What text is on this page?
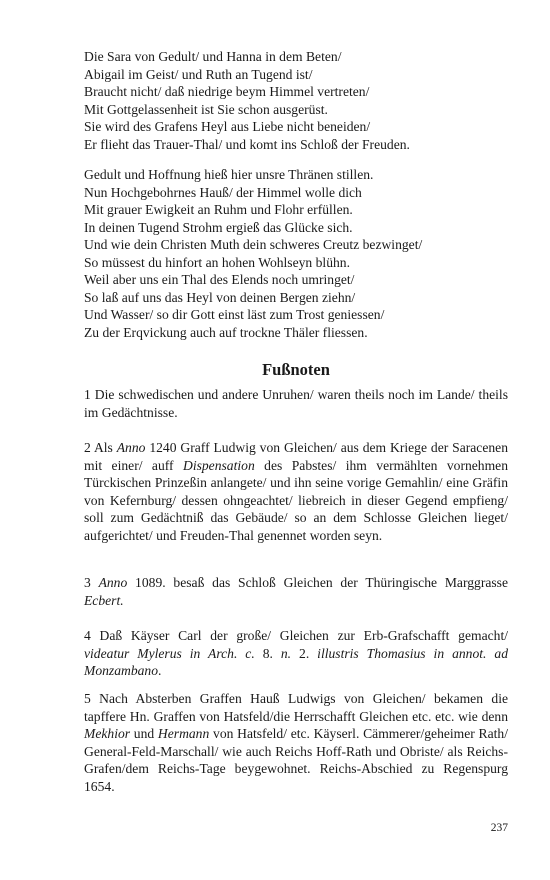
Die Sara von Gedult/ und Hanna in dem Beten/
Abigail im Geist/ und Ruth an Tugend ist/
Braucht nicht/ daß niedrige beym Himmel vertreten/
Mit Gottgelassenheit ist Sie schon ausgerüst.
Sie wird des Grafens Heyl aus Liebe nicht beneiden/
Er flieht das Trauer-Thal/ und komt ins Schloß der Freuden.
Gedult und Hoffnung hieß hier unsre Thränen stillen.
Nun Hochgebohrnes Hauß/ der Himmel wolle dich
Mit grauer Ewigkeit an Ruhm und Flohr erfüllen.
In deinen Tugend Strohm ergieß das Glücke sich.
Und wie dein Christen Muth dein schweres Creutz bezwinget/
So müssest du hinfort an hohen Wohlseyn blühn.
Weil aber uns ein Thal des Elends noch umringet/
So laß auf uns das Heyl von deinen Bergen ziehn/
Und Wasser/ so dir Gott einst läst zum Trost geniessen/
Zu der Erqvickung auch auf trockne Thäler fliessen.
Fußnoten

1 Die schwedischen und andere Unruhen/ waren theils noch im Lande/ theils im Gedächtnisse.

2 Als Anno 1240 Graff Ludwig von Gleichen/ aus dem Kriege der Saracenen mit einer/ auff Dispensation des Pabstes/ ihm vermählten vornehmen Türckischen Prinzeßin anlangete/ und ihn seine vorige Gemahlin/ eine Gräfin von Kefernburg/ dessen ohngeachtet/ liebreich in dieser Gegend empfieng/ soll zum Gedächtniß das Gebäude/ so an dem Schlosse Gleichen lieget/ aufgerichtet/ und Freuden-Thal genennet worden seyn.

3 Anno 1089. besaß das Schloß Gleichen der Thüringische Marggrasse Ecbert.

4 Daß Käyser Carl der große/ Gleichen zur Erb-Grafschafft gemacht/ videatur Mylerus in Arch. c. 8. n. 2. illustris Thomasius in annot. ad Monzambano.

5 Nach Absterben Graffen Hauß Ludwigs von Gleichen/ bekamen die tapffere Hn. Graffen von Hatsfeld/die Herrschafft Gleichen etc. etc. wie denn Mekhior und Hermann von Hatsfeld/ etc. Käyserl. Cämmerer/geheimer Rath/ General-Feld-Marschall/ wie auch Reichs Hoff-Rath und Obriste/ als Reichs-Grafen/dem Reichs-Tage beygewohnet. Reichs-Abschied zu Regenspurg 1654.

237
